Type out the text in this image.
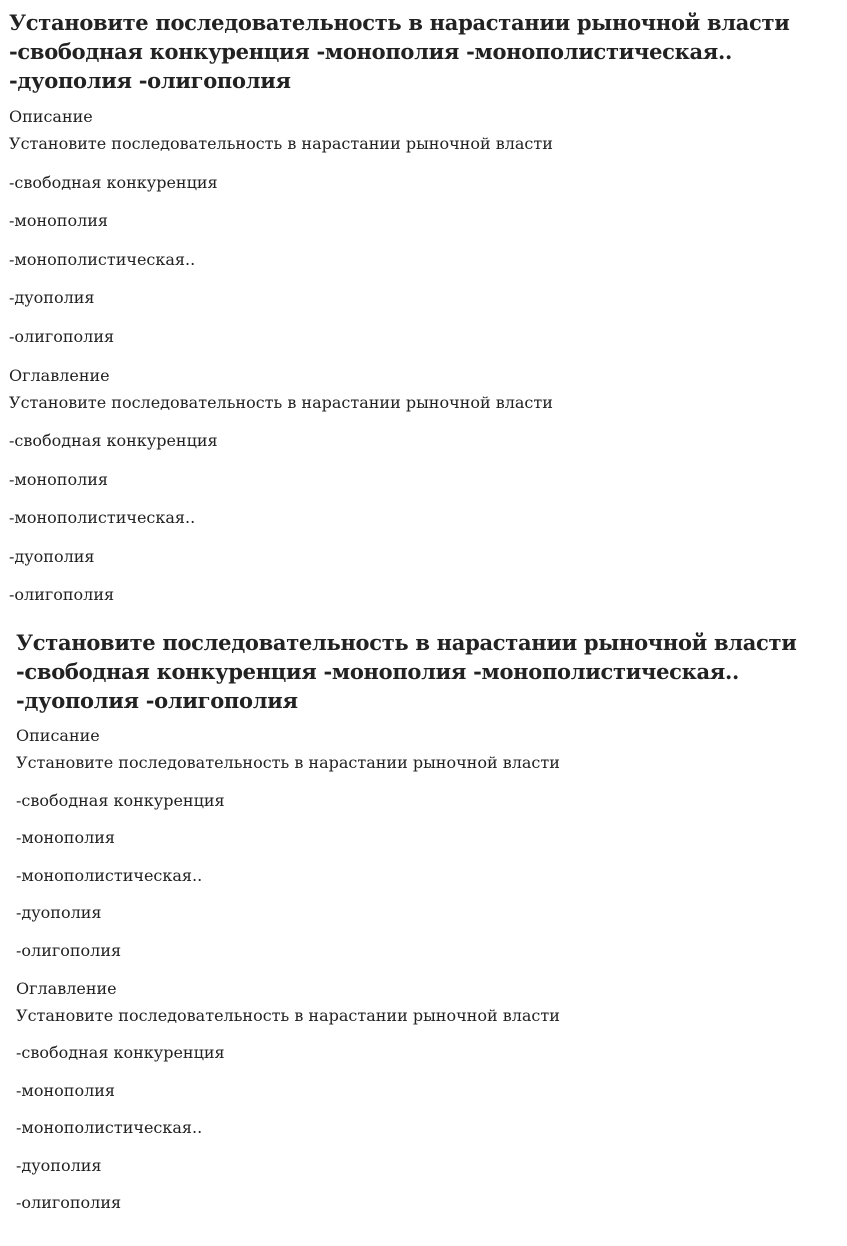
Установите последовательность в нарастании рыночной власти -свободная конкуренция -монополия -монополистическая.. -дуополия -олигополия
Описание
Установите последовательность в нарастании рыночной власти
-свободная конкуренция
-монополия
-монополистическая..
-дуополия
-олигополия
Оглавление
Установите последовательность в нарастании рыночной власти
-свободная конкуренция
-монополия
-монополистическая..
-дуополия
-олигополия
Установите последовательность в нарастании рыночной власти -свободная конкуренция -монополия -монополистическая.. -дуополия -олигополия
Описание
Установите последовательность в нарастании рыночной власти
-свободная конкуренция
-монополия
-монополистическая..
-дуополия
-олигополия
Оглавление
Установите последовательность в нарастании рыночной власти
-свободная конкуренция
-монополия
-монополистическая..
-дуополия
-олигополия
